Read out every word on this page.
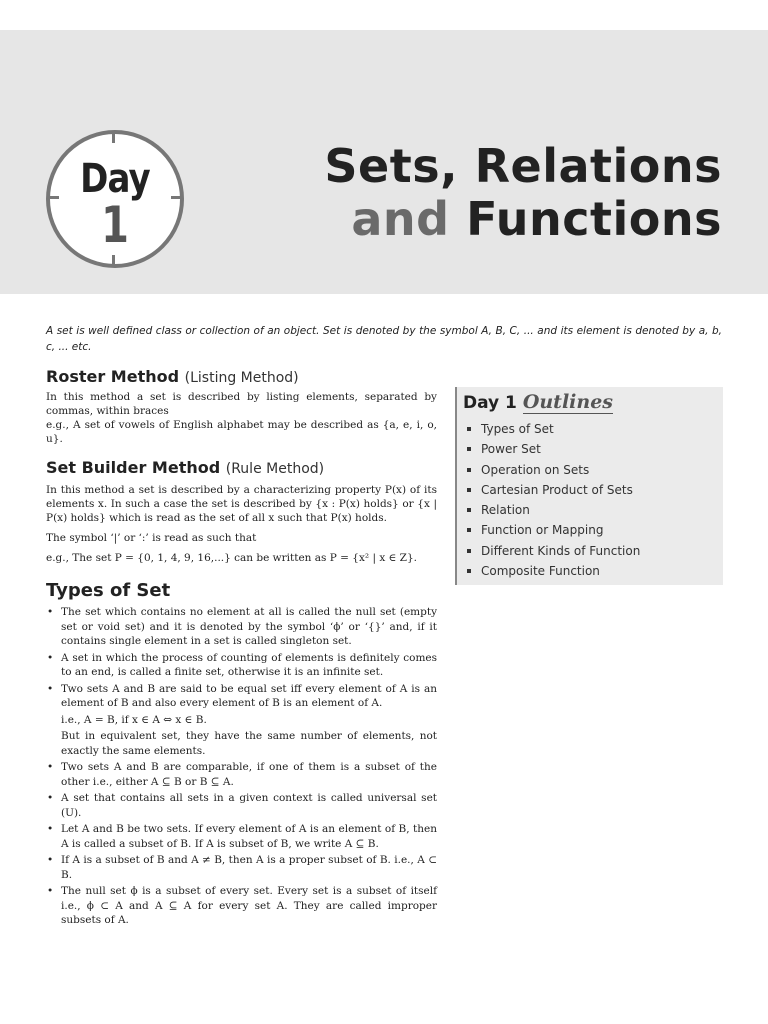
Day
1
Sets, Relations
and Functions
A set is well defined class or collection of an object. Set is denoted by the symbol A, B, C, ... and its element is denoted by a, b, c, ... etc.
Roster Method (Listing Method)

In this method a set is described by listing elements, separated by commas, within braces

e.g., A set of vowels of English alphabet may be described as {a, e, i, o, u}.

Set Builder Method (Rule Method)

In this method a set is described by a characterizing property P(x) of its elements x. In such a case the set is described by {x : P(x) holds} or {x | P(x) holds} which is read as the set of all x such that P(x) holds.

The symbol ‘|’ or ‘:’ is read as such that

e.g., The set P = {0, 1, 4, 9, 16,...} can be written as P = {x² | x ∈ Z}.

Types of Set
• The set which contains no element at all is called the null set (empty set or void set) and it is denoted by the symbol ‘ϕ’ or ‘{}’ and, if it contains single element in a set is called singleton set.
• A set in which the process of counting of elements is definitely comes to an end, is called a finite set, otherwise it is an infinite set.
• Two sets A and B are said to be equal set iff every element of A is an element of B and also every element of B is an element of A.
i.e., A = B, if x ∈ A ⇔ x ∈ B.
But in equivalent set, they have the same number of elements, not exactly the same elements.
• Two sets A and B are comparable, if one of them is a subset of the other i.e., either A ⊆ B or B ⊆ A.
• A set that contains all sets in a given context is called universal set (U).
• Let A and B be two sets. If every element of A is an element of B, then A is called a subset of B. If A is subset of B, we write A ⊆ B.
• If A is a subset of B and A ≠ B, then A is a proper subset of B. i.e., A ⊂ B.
• The null set ϕ is a subset of every set. Every set is a subset of itself i.e., ϕ ⊂ A and A ⊆ A for every set A. They are called improper subsets of A.
Day 1 Outlines
Types of Set
Power Set
Operation on Sets
Cartesian Product of Sets
Relation
Function or Mapping
Different Kinds of Function
Composite Function
